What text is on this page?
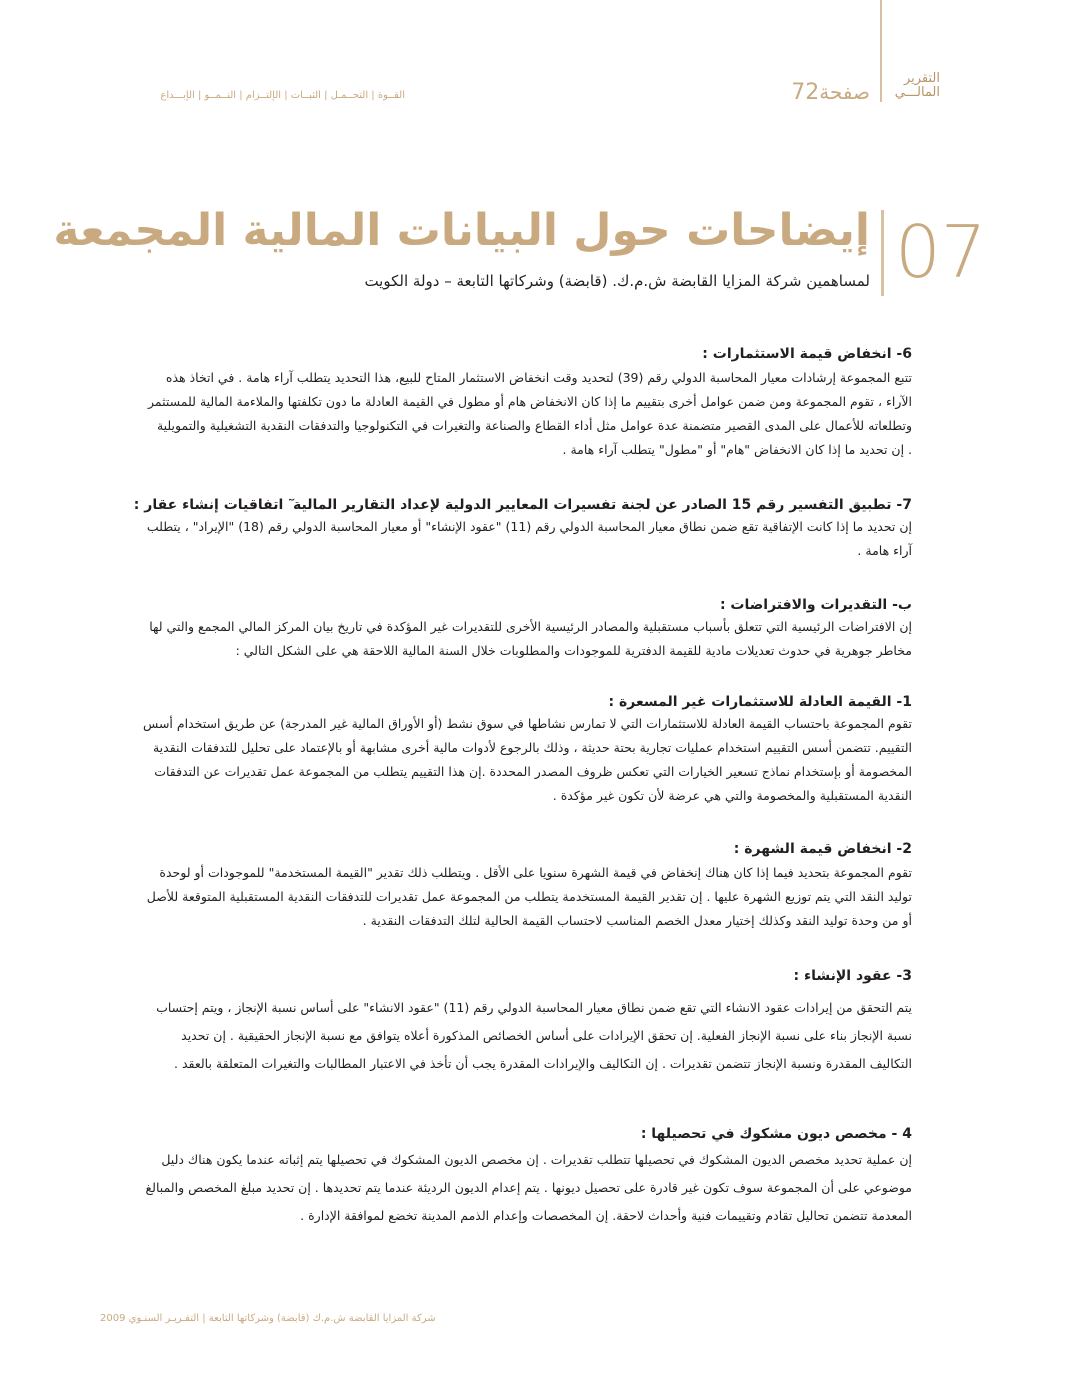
التقرير
المالـــي
صفحة72
القــوة | التحــمـل | الثبــات | الإلتــزام | النــمــو | الإبـــداع
07
إيضاحات حول البيانات المالية المجمعة
لمساهمين شركة المزايا القابضة ش.م.ك. (قابضة) وشركاتها التابعة – دولة الكويت
6- انخفاض قيمة الاستثمارات :
تتبع المجموعة إرشادات معيار المحاسبة الدولي رقم (39) لتحديد وقت انخفاض الاستثمار المتاح للبيع، هذا التحديد يتطلب آراء هامة . في اتخاذ هذه
الآراء ، تقوم المجموعة ومن ضمن عوامل أخرى بتقييم ما إذا كان الانخفاض هام أو مطول في القيمة العادلة ما دون تكلفتها والملاءمة المالية للمستثمر
وتطلعاته للأعمال على المدى القصير متضمنة عدة عوامل مثل أداء القطاع والصناعة والتغيرات في التكنولوجيا والتدفقات النقدية التشغيلية والتمويلية
. إن تحديد ما إذا كان الانخفاض "هام" أو "مطول" يتطلب آراء هامة .
7- تطبيق التفسير رقم 15 الصادر عن لجنة تفسيرات المعايير الدولية لإعداد التقارير المالية ٓ اتفاقيات إنشاء عقار :
إن تحديد ما إذا كانت الإتفاقية تقع ضمن نطاق معيار المحاسبة الدولي رقم (11) "عقود الإنشاء" أو معيار المحاسبة الدولي رقم (18) "الإيراد" ، يتطلب
آراء هامة .
ب- التقديرات والافتراضات :
إن الافتراضات الرئيسية التي تتعلق بأسباب مستقبلية والمصادر الرئيسية الأخرى للتقديرات غير المؤكدة في تاريخ بيان المركز المالي المجمع والتي لها
مخاطر جوهرية في حدوث تعديلات مادية للقيمة الدفترية للموجودات والمطلوبات خلال السنة المالية اللاحقة هي على الشكل التالي :
1- القيمة العادلة للاستثمارات غير المسعرة :
تقوم المجموعة باحتساب القيمة العادلة للاستثمارات التي لا تمارس نشاطها في سوق نشط (أو الأوراق المالية غير المدرجة) عن طريق استخدام أسس
التقييم. تتضمن أسس التقييم استخدام عمليات تجارية بحتة حديثة ، وذلك بالرجوع لأدوات مالية أخرى مشابهة أو بالإعتماد على تحليل للتدفقات النقدية
المخصومة أو بإستخدام نماذج تسعير الخيارات التي تعكس ظروف المصدر المحددة .إن هذا التقييم يتطلب من المجموعة عمل تقديرات عن التدفقات
النقدية المستقبلية والمخصومة والتي هي عرضة لأن تكون غير مؤكدة .
2- انخفاض قيمة الشهرة :
تقوم المجموعة بتحديد فيما إذا كان هناك إنخفاض في قيمة الشهرة سنويا على الأقل . ويتطلب ذلك تقدير "القيمة المستخدمة" للموجودات أو لوحدة
توليد النقد التي يتم توزيع الشهرة عليها . إن تقدير القيمة المستخدمة يتطلب من المجموعة عمل تقديرات للتدفقات النقدية المستقبلية المتوقعة للأصل
أو من وحدة توليد النقد وكذلك إختيار معدل الخصم المناسب لاحتساب القيمة الحالية لتلك التدفقات النقدية .
3- عقود الإنشاء :
يتم التحقق من إيرادات عقود الانشاء التي تقع ضمن نطاق معيار المحاسبة الدولي رقم (11) "عقود الانشاء" على أساس نسبة الإنجاز ، ويتم إحتساب
نسبة الإنجاز بناء على نسبة الإنجاز الفعلية. إن تحقق الإيرادات على أساس الخصائص المذكورة أعلاه يتوافق مع نسبة الإنجاز الحقيقية . إن تحديد
التكاليف المقدرة ونسبة الإنجاز تتضمن تقديرات . إن التكاليف والإيرادات المقدرة يجب أن تأخذ في الاعتبار المطالبات والتغيرات المتعلقة بالعقد .
4 - مخصص ديون مشكوك في تحصيلها :
إن عملية تحديد مخصص الديون المشكوك في تحصيلها تتطلب تقديرات . إن مخصص الديون المشكوك في تحصيلها يتم إثباته عندما يكون هناك دليل
موضوعي على أن المجموعة سوف تكون غير قادرة على تحصيل ديونها . يتم إعدام الديون الرديئة عندما يتم تحديدها . إن تحديد مبلغ المخصص والمبالغ
المعدمة تتضمن تحاليل تقادم وتقييمات فنية وأحداث لاحقة. إن المخصصات وإعدام الذمم المدينة تخضع لموافقة الإدارة .
شركة المزايا القابضة ش.م.ك (قابضة) وشركاتها التابعة | التقـريـر السنـوي 2009
